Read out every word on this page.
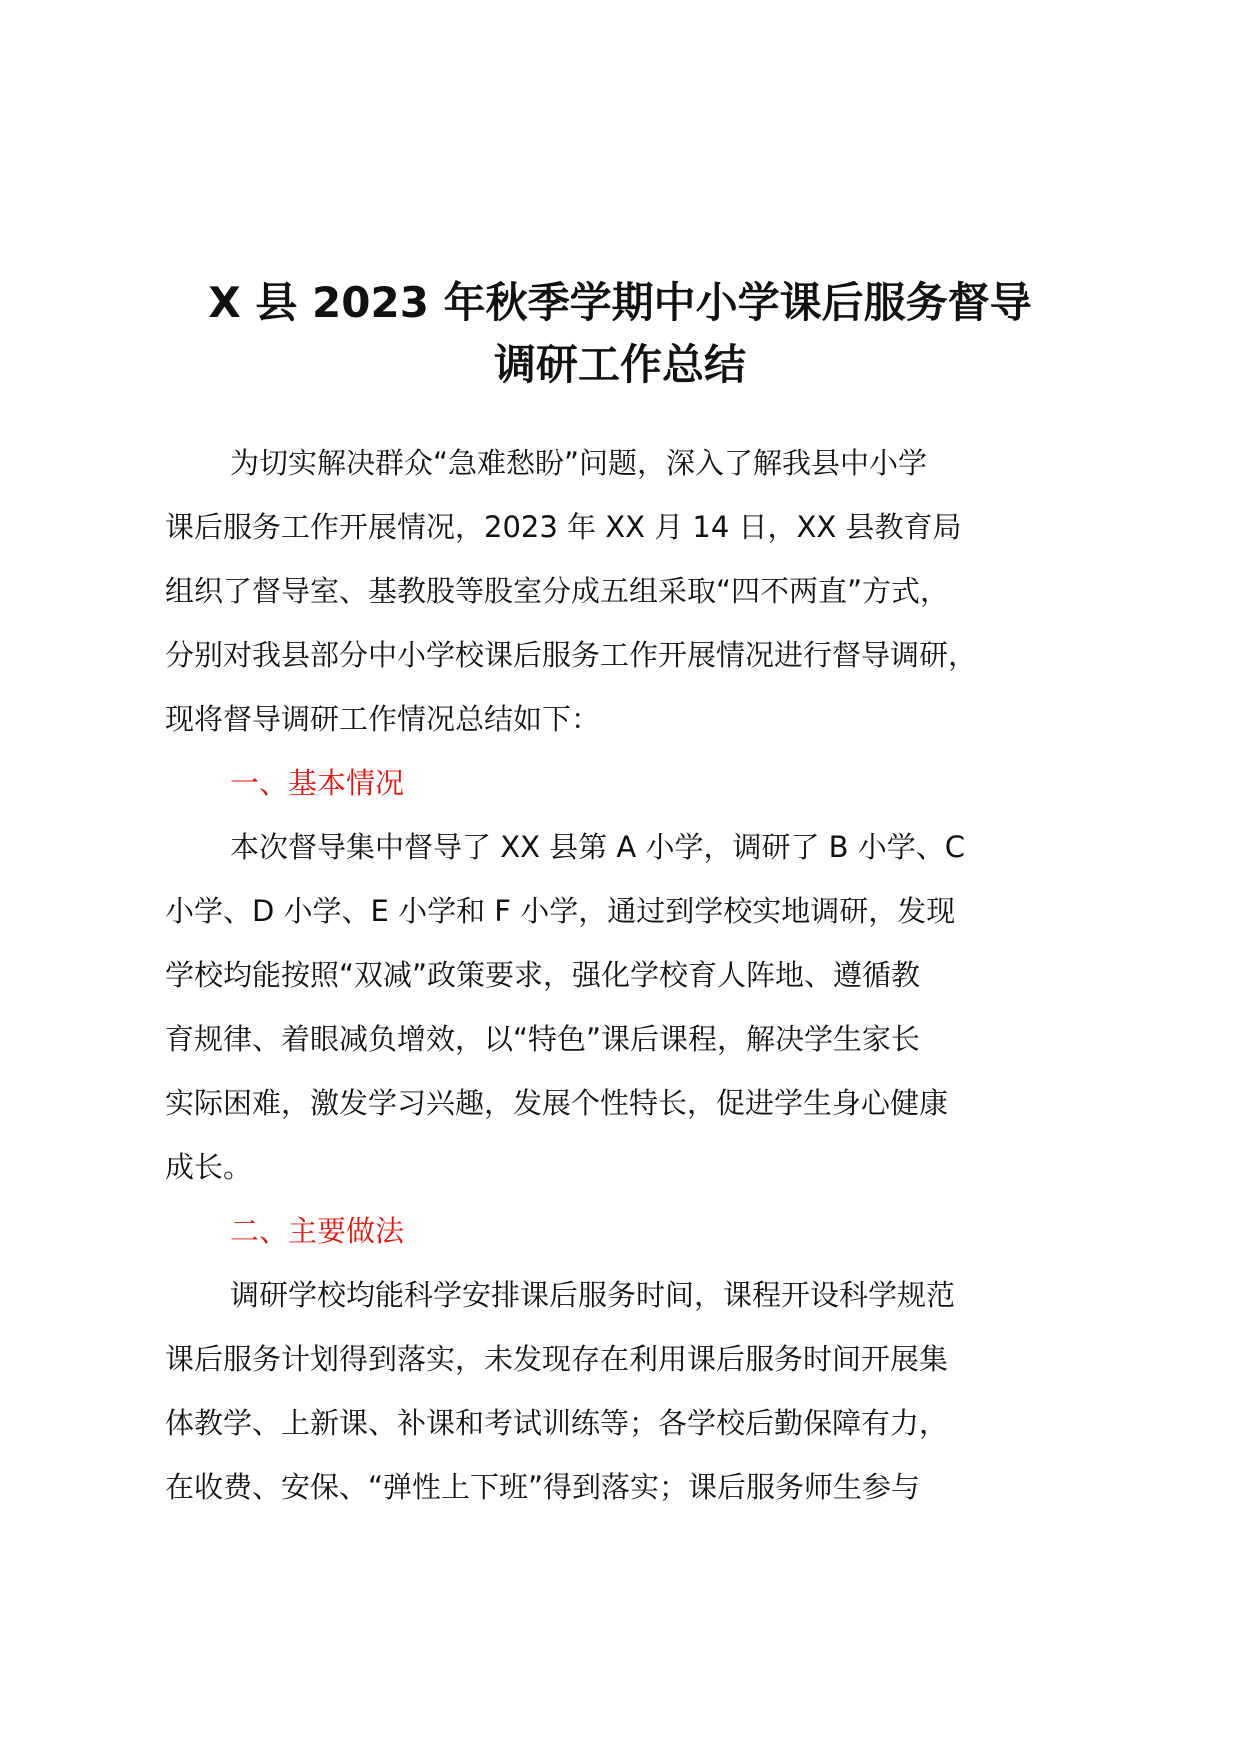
X 县 2023 年秋季学期中小学课后服务督导
调研工作总结
为切实解决群众“急难愁盼”问题，深入了解我县中小学
课后服务工作开展情况，2023 年 XX 月 14 日，XX 县教育局
组织了督导室、基教股等股室分成五组采取“四不两直”方式，
分别对我县部分中小学校课后服务工作开展情况进行督导调研，
现将督导调研工作情况总结如下：
一、基本情况
本次督导集中督导了 XX 县第 A 小学，调研了 B 小学、C
小学、D 小学、E 小学和 F 小学，通过到学校实地调研，发现
学校均能按照“双减”政策要求，强化学校育人阵地、遵循教
育规律、着眼减负增效，以“特色”课后课程，解决学生家长
实际困难，激发学习兴趣，发展个性特长，促进学生身心健康
成长。
二、主要做法
调研学校均能科学安排课后服务时间，课程开设科学规范
课后服务计划得到落实，未发现存在利用课后服务时间开展集
体教学、上新课、补课和考试训练等；各学校后勤保障有力，
在收费、安保、“弹性上下班”得到落实；课后服务师生参与
